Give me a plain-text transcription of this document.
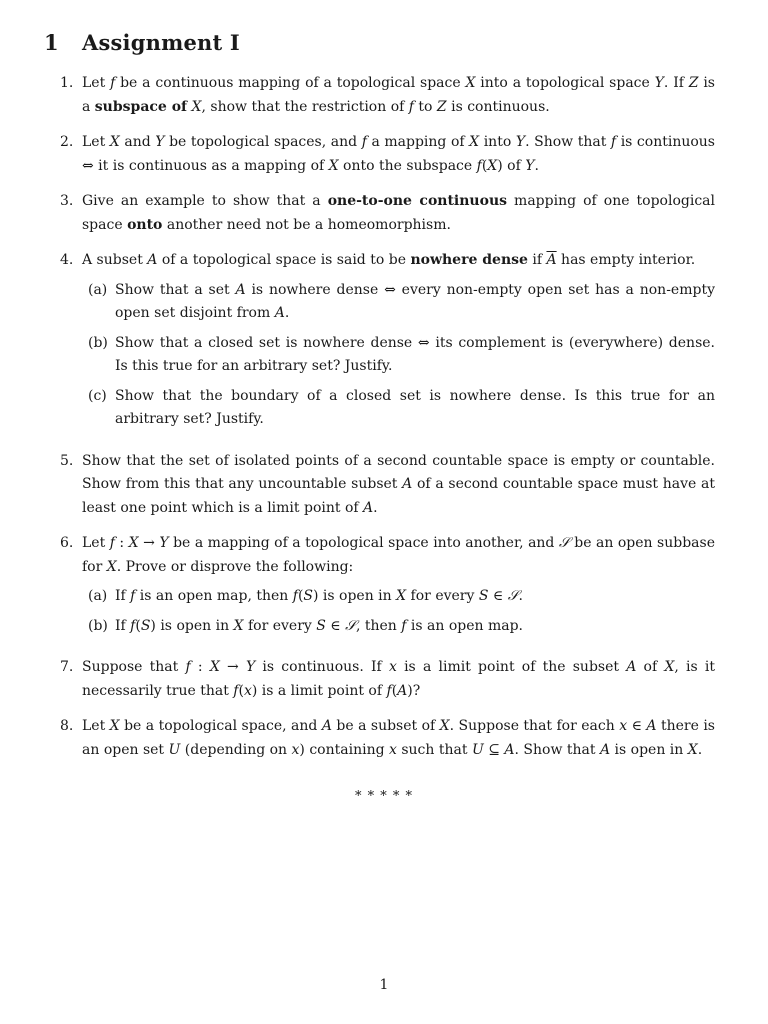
1 Assignment I
1. Let f be a continuous mapping of a topological space X into a topological space Y. If Z is a subspace of X, show that the restriction of f to Z is continuous.
2. Let X and Y be topological spaces, and f a mapping of X into Y. Show that f is continuous ⇔ it is continuous as a mapping of X onto the subspace f(X) of Y.
3. Give an example to show that a one-to-one continuous mapping of one topological space onto another need not be a homeomorphism.
4. A subset A of a topological space is said to be nowhere dense if $\overline{A}$ has empty interior.
(a) Show that a set A is nowhere dense ⇔ every non-empty open set has a non-empty open set disjoint from A.
(b) Show that a closed set is nowhere dense ⇔ its complement is (everywhere) dense. Is this true for an arbitrary set? Justify.
(c) Show that the boundary of a closed set is nowhere dense. Is this true for an arbitrary set? Justify.
5. Show that the set of isolated points of a second countable space is empty or countable. Show from this that any uncountable subset A of a second countable space must have at least one point which is a limit point of A.
6. Let f : X → Y be a mapping of a topological space into another, and 𝒮 be an open subbase for X. Prove or disprove the following:
(a) If f is an open map, then f(S) is open in X for every S ∈ 𝒮.
(b) If f(S) is open in X for every S ∈ 𝒮, then f is an open map.
7. Suppose that f : X → Y is continuous. If x is a limit point of the subset A of X, is it necessarily true that f(x) is a limit point of f(A)?
8. Let X be a topological space, and A be a subset of X. Suppose that for each x ∈ A there is an open set U (depending on x) containing x such that U ⊆ A. Show that A is open in X.
* * * * *
1
